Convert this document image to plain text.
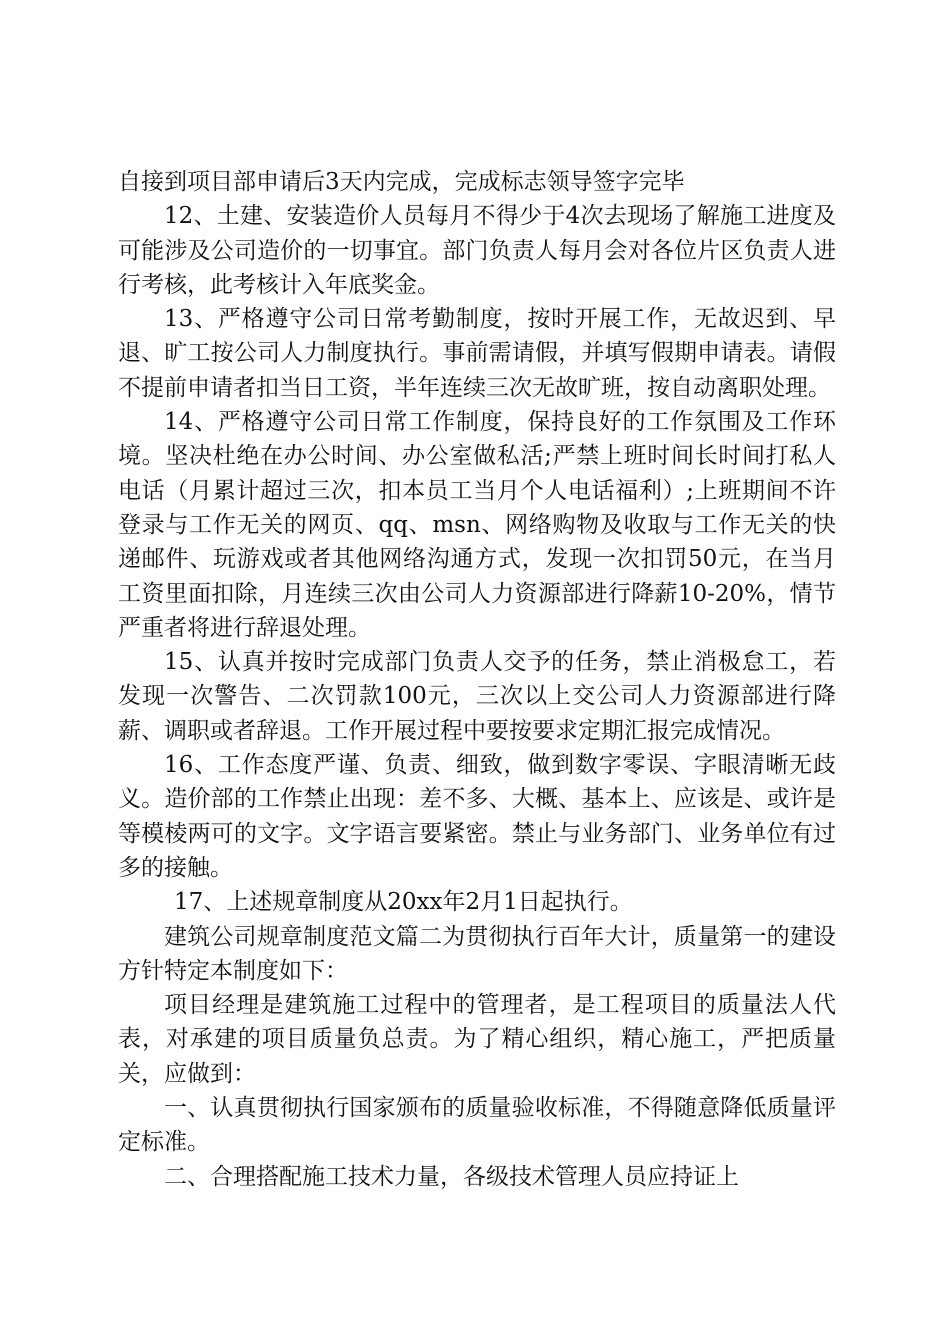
自接到项目部申请后3天内完成，完成标志领导签字完毕

12、土建、安装造价人员每月不得少于4次去现场了解施工进度及可能涉及公司造价的一切事宜。部门负责人每月会对各位片区负责人进行考核，此考核计入年底奖金。

13、严格遵守公司日常考勤制度，按时开展工作，无故迟到、早退、旷工按公司人力制度执行。事前需请假，并填写假期申请表。请假不提前申请者扣当日工资，半年连续三次无故旷班，按自动离职处理。

14、严格遵守公司日常工作制度，保持良好的工作氛围及工作环境。坚决杜绝在办公时间、办公室做私活;严禁上班时间长时间打私人电话（月累计超过三次，扣本员工当月个人电话福利）;上班期间不许登录与工作无关的网页、qq、msn、网络购物及收取与工作无关的快递邮件、玩游戏或者其他网络沟通方式，发现一次扣罚50元，在当月工资里面扣除，月连续三次由公司人力资源部进行降薪10-20%，情节严重者将进行辞退处理。

15、认真并按时完成部门负责人交予的任务，禁止消极怠工，若发现一次警告、二次罚款100元，三次以上交公司人力资源部进行降薪、调职或者辞退。工作开展过程中要按要求定期汇报完成情况。

16、工作态度严谨、负责、细致，做到数字零误、字眼清晰无歧义。造价部的工作禁止出现：差不多、大概、基本上、应该是、或许是等模棱两可的文字。文字语言要紧密。禁止与业务部门、业务单位有过多的接触。

17、上述规章制度从20xx年2月1日起执行。

建筑公司规章制度范文篇二为贯彻执行百年大计，质量第一的建设方针特定本制度如下：

项目经理是建筑施工过程中的管理者，是工程项目的质量法人代表，对承建的项目质量负总责。为了精心组织，精心施工，严把质量关，应做到：

一、认真贯彻执行国家颁布的质量验收标准，不得随意降低质量评定标准。

二、合理搭配施工技术力量，各级技术管理人员应持证上
